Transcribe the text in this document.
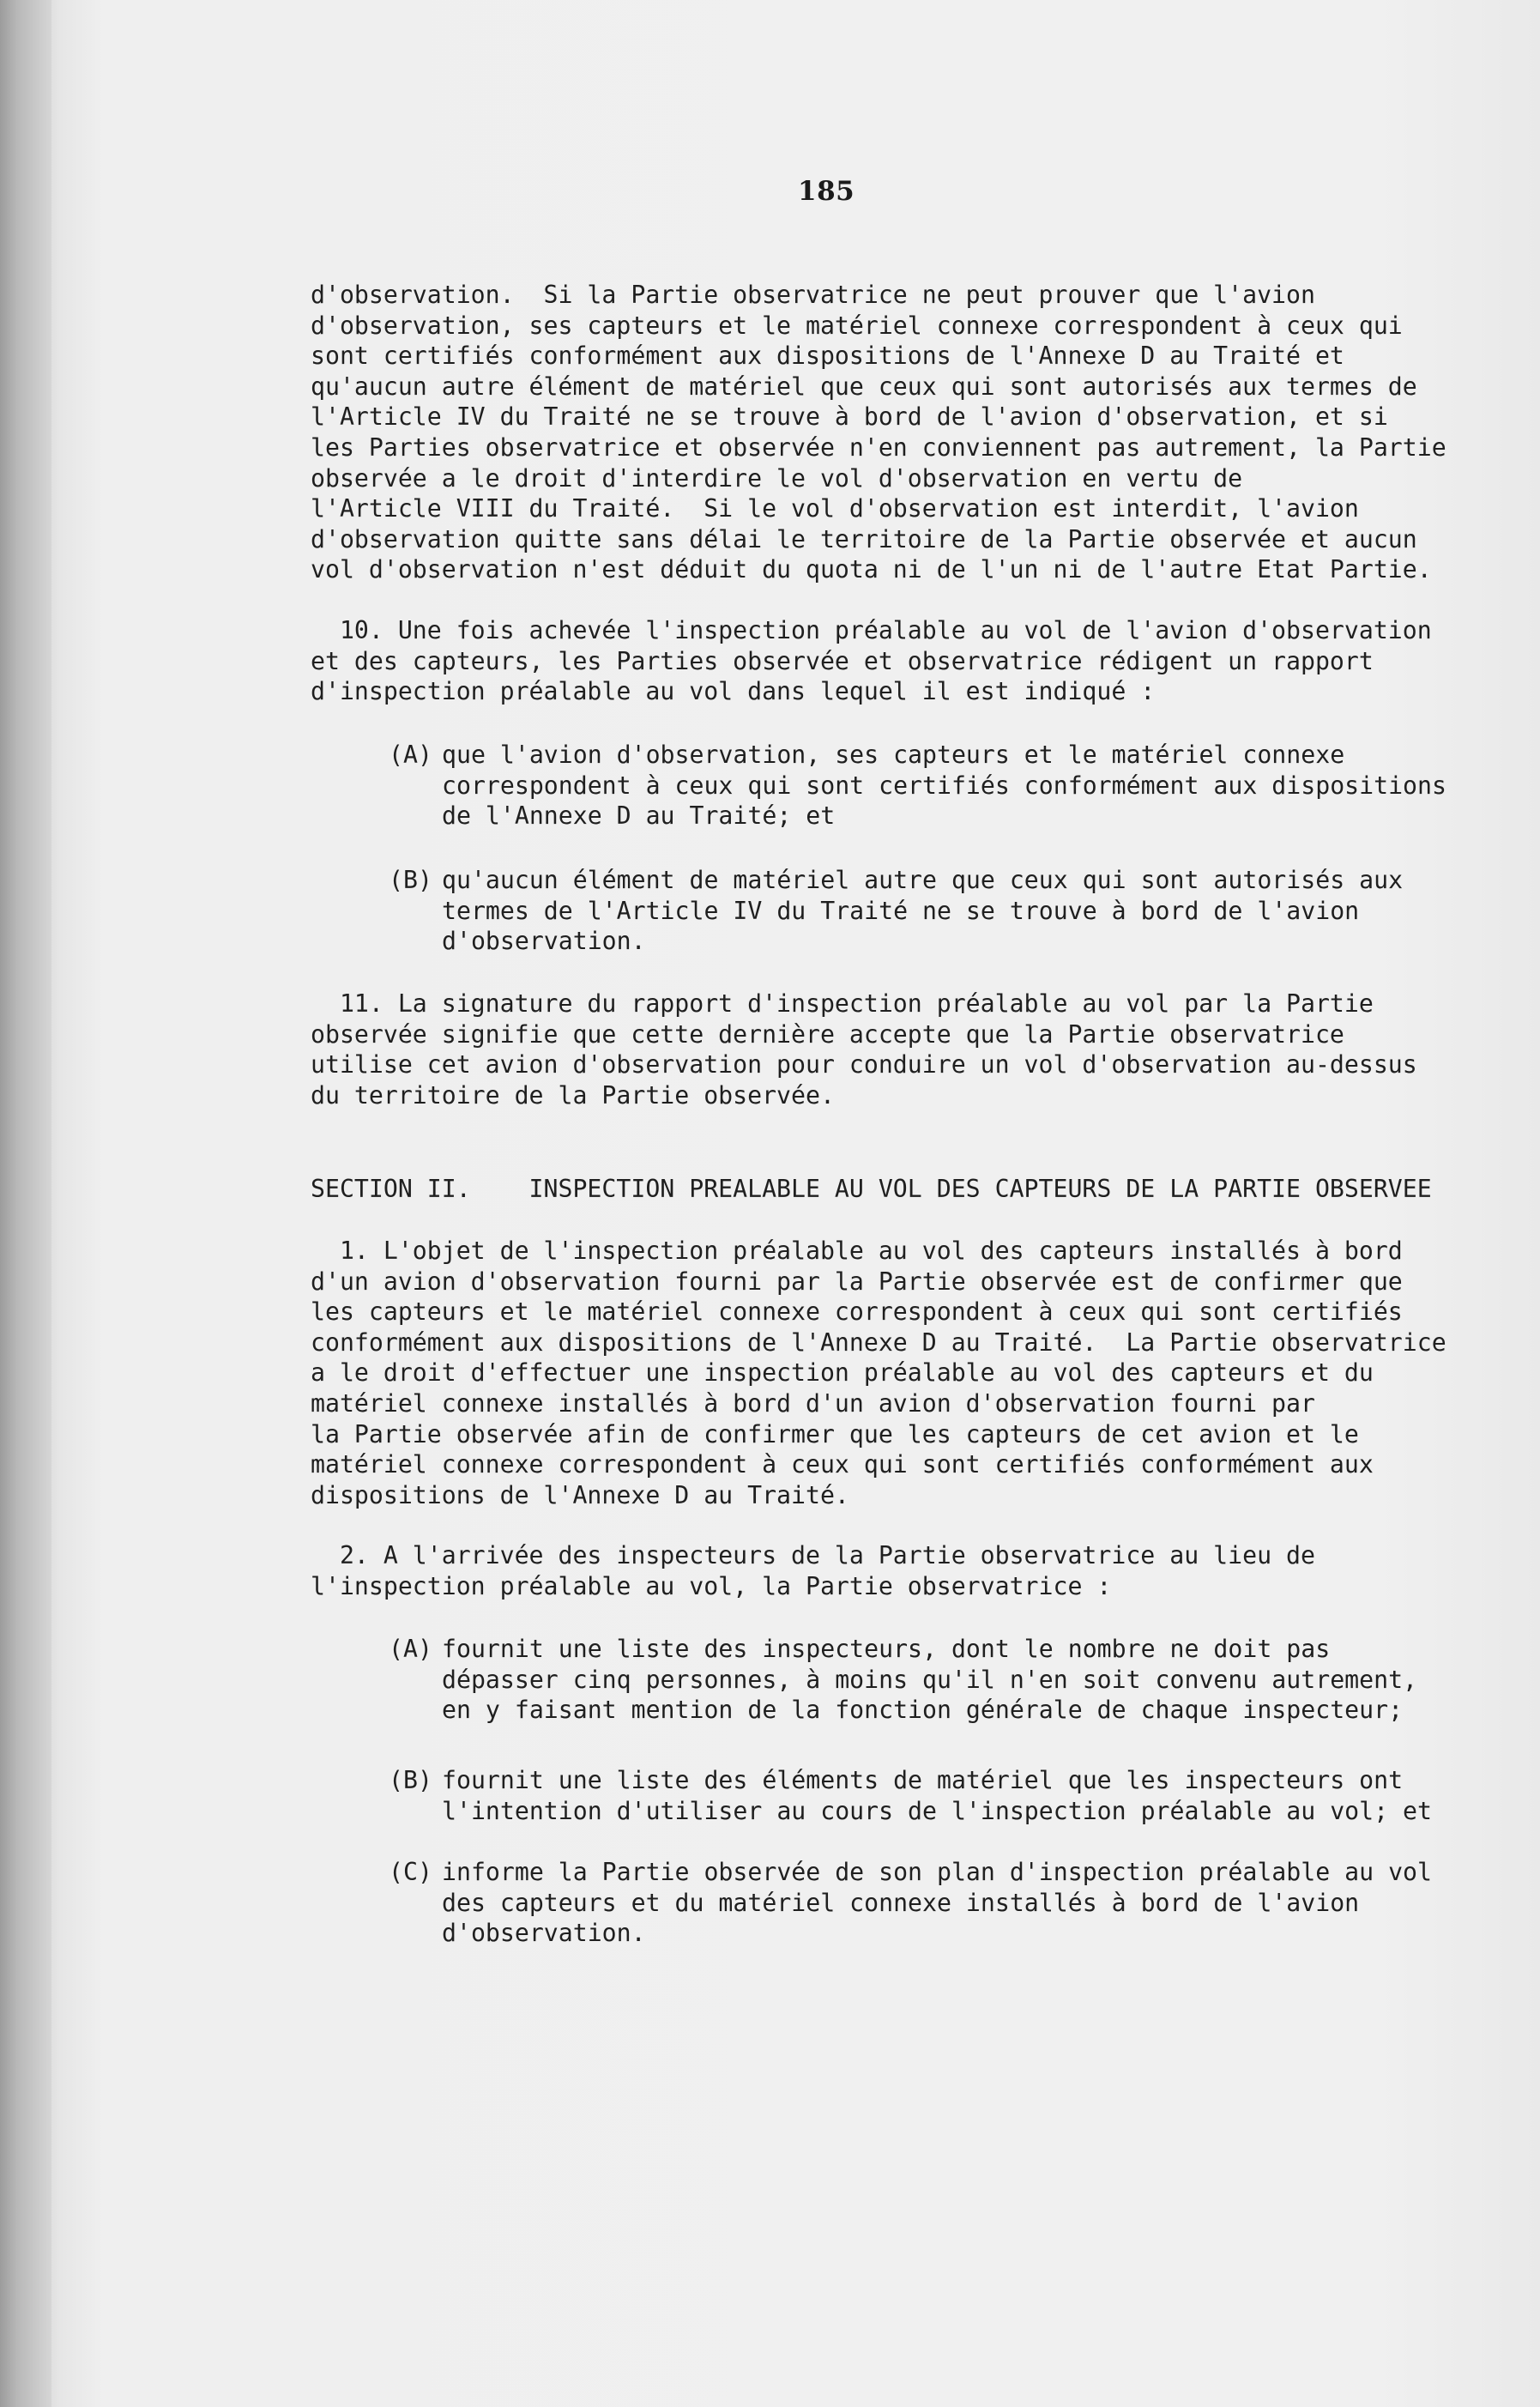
185
d'observation.  Si la Partie observatrice ne peut prouver que l'avion
d'observation, ses capteurs et le matériel connexe correspondent à ceux qui
sont certifiés conformément aux dispositions de l'Annexe D au Traité et
qu'aucun autre élément de matériel que ceux qui sont autorisés aux termes de
l'Article IV du Traité ne se trouve à bord de l'avion d'observation, et si
les Parties observatrice et observée n'en conviennent pas autrement, la Partie
observée a le droit d'interdire le vol d'observation en vertu de
l'Article VIII du Traité.  Si le vol d'observation est interdit, l'avion
d'observation quitte sans délai le territoire de la Partie observée et aucun
vol d'observation n'est déduit du quota ni de l'un ni de l'autre Etat Partie.
10. Une fois achevée l'inspection préalable au vol de l'avion d'observation
et des capteurs, les Parties observée et observatrice rédigent un rapport
d'inspection préalable au vol dans lequel il est indiqué :
(A) que l'avion d'observation, ses capteurs et le matériel connexe
correspondent à ceux qui sont certifiés conformément aux dispositions
de l'Annexe D au Traité; et
(B) qu'aucun élément de matériel autre que ceux qui sont autorisés aux
termes de l'Article IV du Traité ne se trouve à bord de l'avion
d'observation.
11. La signature du rapport d'inspection préalable au vol par la Partie
observée signifie que cette dernière accepte que la Partie observatrice
utilise cet avion d'observation pour conduire un vol d'observation au-dessus
du territoire de la Partie observée.
SECTION II.    INSPECTION PREALABLE AU VOL DES CAPTEURS DE LA PARTIE OBSERVEE
1. L'objet de l'inspection préalable au vol des capteurs installés à bord
d'un avion d'observation fourni par la Partie observée est de confirmer que
les capteurs et le matériel connexe correspondent à ceux qui sont certifiés
conformément aux dispositions de l'Annexe D au Traité.  La Partie observatrice
a le droit d'effectuer une inspection préalable au vol des capteurs et du
matériel connexe installés à bord d'un avion d'observation fourni par
la Partie observée afin de confirmer que les capteurs de cet avion et le
matériel connexe correspondent à ceux qui sont certifiés conformément aux
dispositions de l'Annexe D au Traité.
2. A l'arrivée des inspecteurs de la Partie observatrice au lieu de
l'inspection préalable au vol, la Partie observatrice :
(A) fournit une liste des inspecteurs, dont le nombre ne doit pas
dépasser cinq personnes, à moins qu'il n'en soit convenu autrement,
en y faisant mention de la fonction générale de chaque inspecteur;
(B) fournit une liste des éléments de matériel que les inspecteurs ont
l'intention d'utiliser au cours de l'inspection préalable au vol; et
(C) informe la Partie observée de son plan d'inspection préalable au vol
des capteurs et du matériel connexe installés à bord de l'avion
d'observation.
